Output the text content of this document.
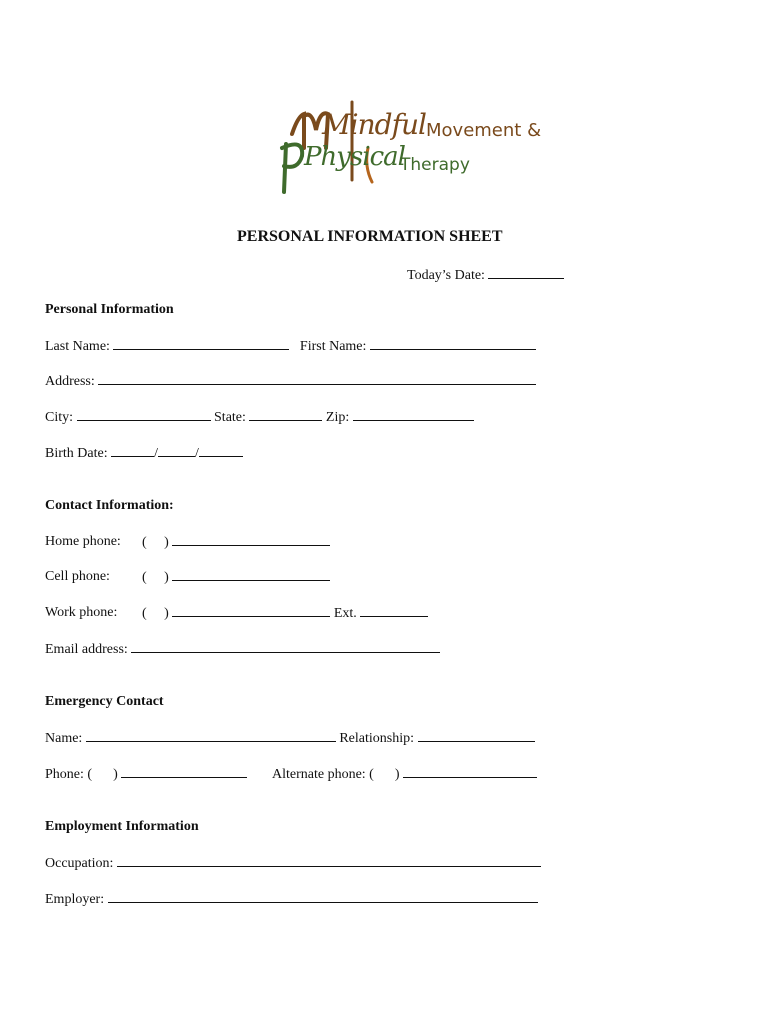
Mindful Movement &
Physical
Therapy
PERSONAL INFORMATION SHEET
Today’s Date:
Personal Information
Last Name:	First Name:
Address:
City:	State:	Zip:
Birth Date:	/	/
Contact Information:
Home phone: ( )
Cell phone: ( )
Work phone: ( )	Ext.
Email address:
Emergency Contact
Name:	Relationship:
Phone: ( )	Alternate phone: ( )
Employment Information
Occupation:
Employer:
